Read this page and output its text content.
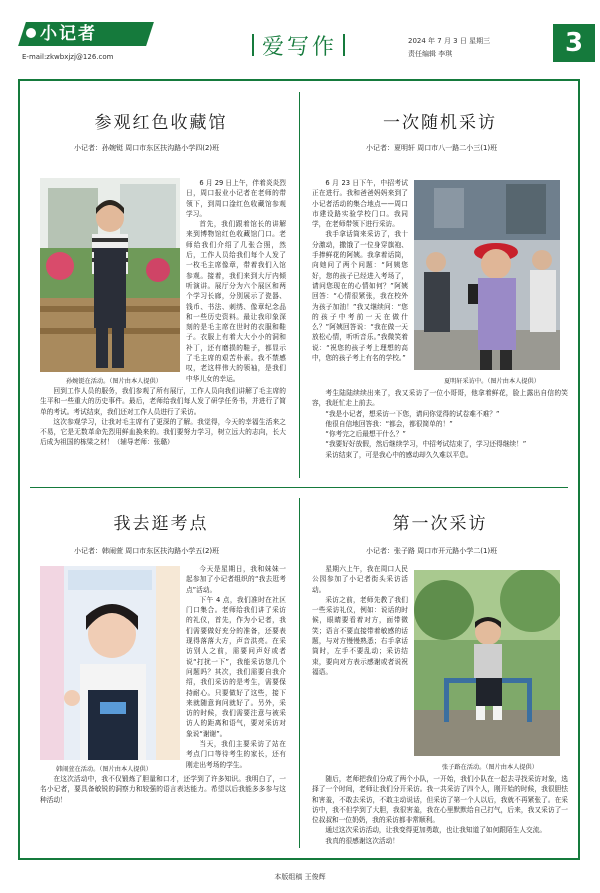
小记者
E-mail:zkwbxjzj@126.com	爱写作	2024 年 7 月 3 日 星期三
责任编辑 李琪	3
参观红色收藏馆
小记者：孙婉铤 周口市东区扶沟路小学四(2)班
孙婉铤在活动。（图片由本人提供）

6 月 29 日上午，伴着炎炎烈日，周口报业小记者在老师的带领下，到周口淦红色收藏馆参观学习。

首先，我们跟着馆长的讲解来到博物馆红色收藏馆门口。老师给我们介绍了几张合照，然后，工作人员给我们每个人发了一枚毛主席像章，带着我们入馆参观。接着，我们来到大厅内倾听演讲。展厅分为六个展区和两个学习长廊，分别展示了瓷器、钱币、书法、刺绣、像章纪念品和一些历史资料。最让我印象深刻的是毛主席在世时的衣服和鞋子。衣服上有着大大小小的洞和补丁，还有磨损的鞋子，都显示了毛主席的艰苦朴素。我不禁感叹，老这样伟大的领袖，是我们中华儿女的幸运。

回到工作人员的服务，我们参观了所有展厅，工作人员向我们讲解了毛主席的生平和一些重大的历史事件。最后，老师给我们每人发了研学任务书，并进行了简单的考试。考试结束，我们还对工作人员进行了采访。

这次参观学习，让我对毛主席有了更深的了解。我觉得，今天的幸福生活来之不易，它是无数革命先烈用鲜血换来的。我们要努力学习，树立远大的志向，长大后成为祖国的栋梁之材！（辅导老师：张璐）

一次随机采访
小记者：夏明轩 周口市八一路二小三(1)班

6 月 23 日下午，中招考试正在进行。我和爸爸妈妈来到了小记者活动的集合地点——周口市建设路实验学校门口。我同学，在老师带领下进行采访。

我手拿话筒来采访了，我十分激动，撒饿了一位身穿旗袍、手捧鲜花的阿姨。我拿着话筒，向她问了两个问题：“阿姨您好，您的孩子已经进入考场了，请问您现在的心情如何？”阿姨回答：“心情很紧张，我在校外为孩子加油！”我又继续问：“您的孩子中考前一天在做什么？”阿姨回答说：“我在做一天放松心情，听听音乐。”我微笑着说：“祝您的孩子考上理想的高中，您的孩子考上有名的学校。”

夏明轩采访中。（图片由本人提供）

考生陆陆续续出来了，我又采访了一位小哥哥，他拿着鲜花，脸上露出自信的笑容，我赶忙走上前去。

“我是小记者，想采访一下您，请问你觉得的试卷难不难？”

他很自信地回答我：“都会，都很简单的！”

“你考完之后最想干什么？”

“我要好好放假，然后继续学习，中招考试结束了，学习还得继续！”

采访结束了，可是我心中的感动却久久难以平息。

我去逛考点
小记者：韩闹萱 周口市东区扶沟路小学五(2)班
韩闹萱在活动。（图片由本人提供）

今天是星期日，我和妹妹一起参加了小记者组织的“我去逛考点”活动。

下午 4 点，我们准时在社区门口集合。老师给我们讲了采访的礼仪，首先，作为小记者，我们需要做好充分的准备，还要表现得落落大方，声音洪亮。在采访别人之前，需要问声好或者说“打扰一下”，我能采访您几个问题吗？其次，我们需要自我介绍，我们采访的是考生，需要保持耐心。只要做好了这些，接下来就随意询问就好了。另外，采访的时候，我们需要注意与被采访人的距离和语气，要对采访对象说“谢谢”。

当天，我们主要采访了站在考点门口等待考生的家长，还有刚走出考场的学生。

在这次活动中，我不仅锻炼了胆量和口才，还学到了许多知识。我明白了，一名小记者，要具备敏锐的洞察力和较强的语言表达能力。希望以后我能多多参与这种活动！

第一次采访
小记者：张子路 周口市开元路小学二(1)班

星期六上午，我在周口人民公园参加了小记者街头采访活动。

采访之前，老师先教了我们一些采访礼仪，例如：说话的时候，眼睛要看着对方，面带微笑；语言不要直接带着敏感的话题，与对方慢慢熟悉；右手拿话筒时，左手不要乱动；采访结束，要向对方表示感谢或者说祝福语。

张子路在活动。（图片由本人提供）

随后，老师把我们分成了两个小队，一开始，我们小队在一起去寻找采访对象，选择了一个时间，老师让我们分开采访。我一共采访了四个人，刚开始的时候，我很胆怯和害羞，不敢去采访，不敢主动说话，但采访了第一个人以后，我就不再紧张了。在采访中，我不但学到了大胆，我很害羞，我在心里默默给自己打气，后来，我又采访了一位叔叔和一位奶奶，我的采访都非常顺利。

通过这次采访活动，让我变得更加勇敢，也让我知道了如何跟陌生人交流。

我真的很感谢这次活动！

本版组稿 王俊辉
